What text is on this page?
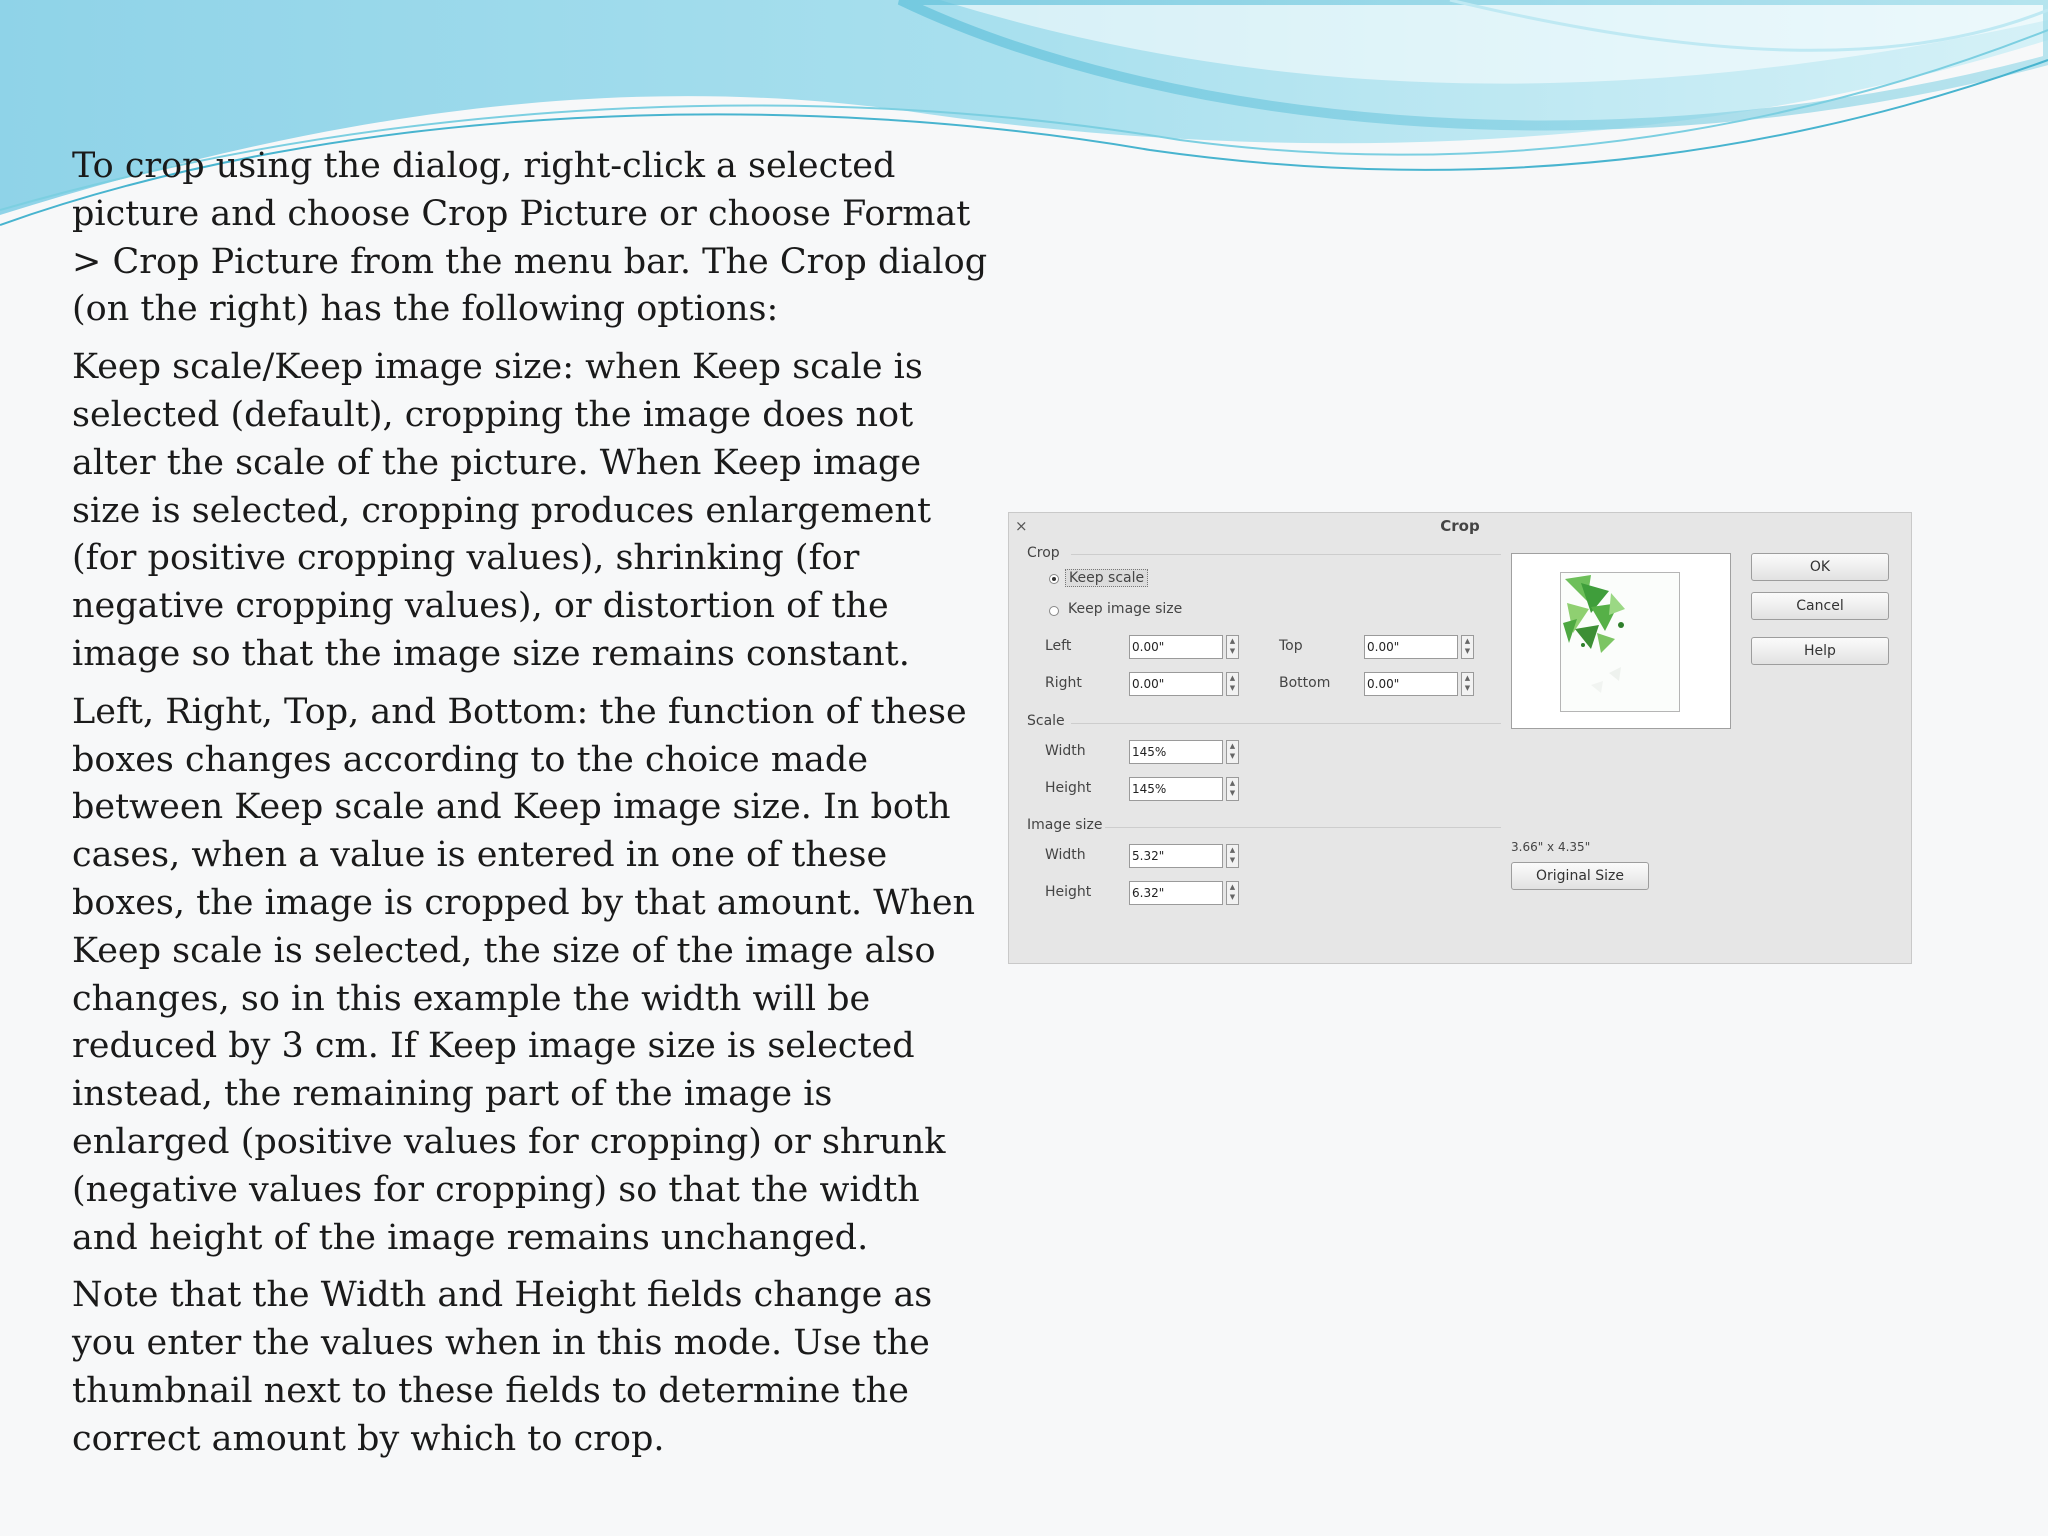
To crop using the dialog, right-click a selected picture and choose Crop Picture or choose Format > Crop Picture from the menu bar. The Crop dialog (on the right) has the following options:

Keep scale/Keep image size: when Keep scale is selected (default), cropping the image does not alter the scale of the picture. When Keep image size is selected, cropping produces enlargement (for positive cropping values), shrinking (for negative cropping values), or distortion of the image so that the image size remains constant.

Left, Right, Top, and Bottom: the function of these boxes changes according to the choice made between Keep scale and Keep image size. In both cases, when a value is entered in one of these boxes, the image is cropped by that amount. When Keep scale is selected, the size of the image also changes, so in this example the width will be reduced by 3 cm. If Keep image size is selected instead, the remaining part of the image is enlarged (positive values for cropping) or shrunk (negative values for cropping) so that the width and height of the image remains unchanged.

Note that the Width and Height fields change as you enter the values when in this mode. Use the thumbnail next to these fields to determine the correct amount by which to crop.

×	Crop
Crop
Keep scale
Keep image size
Left	0.00"	▲
▼
Right	0.00"	▲
▼
Top	0.00"	▲
▼
Bottom	0.00"	▲
▼
Scale
Width	145%	▲
▼
Height	145%	▲
▼
Image size
Width	5.32"	▲
▼
Height	6.32"	▲
▼
3.66" x 4.35"
Original Size
OK
Cancel
Help
